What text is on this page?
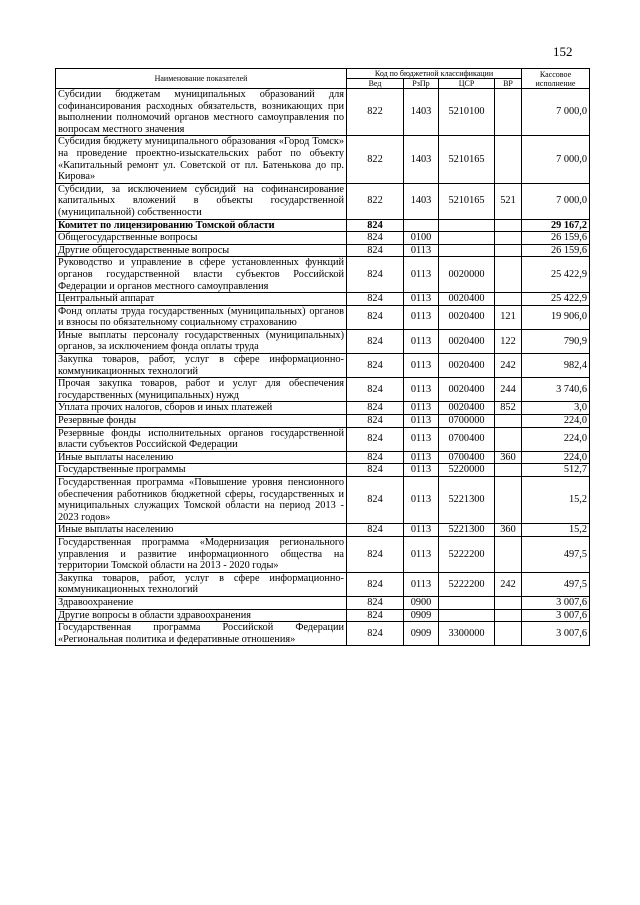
152
Наименование показателей	Код по бюджетной классификации				Кассовое исполнение
	Вед	РзПр	ЦСР	ВР	
Субсидии бюджетам муниципальных образований для софинансирования расходных обязательств, возникающих при выполнении полномочий органов местного самоуправления по вопросам местного значения	822	1403	5210100		7 000,0
Субсидия бюджету муниципального образования «Город Томск» на проведение проектно-изыскательских работ по объекту «Капитальный ремонт ул. Советской от пл. Батенькова до пр. Кирова»	822	1403	5210165		7 000,0
Субсидии, за исключением субсидий на софинансирование капитальных вложений в объекты государственной (муниципальной) собственности	822	1403	5210165	521	7 000,0
Комитет по лицензированию Томской области	824				29 167,2
Общегосударственные вопросы	824	0100			26 159,6
Другие общегосударственные вопросы	824	0113			26 159,6
Руководство и управление в сфере установленных функций органов государственной власти субъектов Российской Федерации и органов местного самоуправления	824	0113	0020000		25 422,9
Центральный аппарат	824	0113	0020400		25 422,9
Фонд оплаты труда государственных (муниципальных) органов и взносы по обязательному социальному страхованию	824	0113	0020400	121	19 906,0
Иные выплаты персоналу государственных (муниципальных) органов, за исключением фонда оплаты труда	824	0113	0020400	122	790,9
Закупка товаров, работ, услуг в сфере информационно-коммуникационных технологий	824	0113	0020400	242	982,4
Прочая закупка товаров, работ и услуг для обеспечения государственных (муниципальных) нужд	824	0113	0020400	244	3 740,6
Уплата прочих налогов, сборов и иных платежей	824	0113	0020400	852	3,0
Резервные фонды	824	0113	0700000		224,0
Резервные фонды исполнительных органов государственной власти субъектов Российской Федерации	824	0113	0700400		224,0
Иные выплаты населению	824	0113	0700400	360	224,0
Государственные программы	824	0113	5220000		512,7
Государственная программа «Повышение уровня пенсионного обеспечения работников бюджетной сферы, государственных и муниципальных служащих Томской области на период 2013 - 2023 годов»	824	0113	5221300		15,2
Иные выплаты населению	824	0113	5221300	360	15,2
Государственная программа «Модернизация регионального управления и развитие информационного общества на территории Томской области на 2013 - 2020 годы»	824	0113	5222200		497,5
Закупка товаров, работ, услуг в сфере информационно-коммуникационных технологий	824	0113	5222200	242	497,5
Здравоохранение	824	0900			3 007,6
Другие вопросы в области здравоохранения	824	0909			3 007,6
Государственная программа Российской Федерации «Региональная политика и федеративные отношения»	824	0909	3300000		3 007,6
